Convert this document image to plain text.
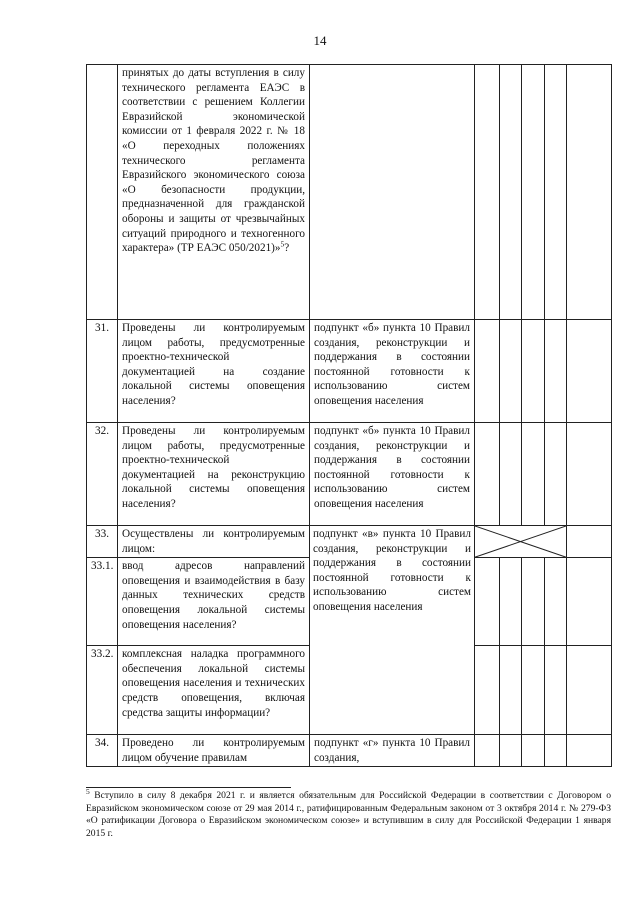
14
	принятых до даты вступления в силу технического регламента ЕАЭС в соответствии с решением Коллегии Евразийской экономической комиссии от 1 февраля 2022 г. № 18 «О переходных положениях технического регламента Евразийского экономического союза «О безопасности продукции, предназначенной для гражданской обороны и защиты от чрезвычайных ситуаций природного и техногенного характера» (ТР ЕАЭС 050/2021)»$^5$?						
31.	Проведены ли контролируемым лицом работы, предусмотренные проектно-технической документацией на создание локальной системы оповещения населения?	подпункт «б» пункта 10 Правил создания, реконструкции и поддержания в состоянии постоянной готовности к использованию систем оповещения населения					
32.	Проведены ли контролируемым лицом работы, предусмотренные проектно-технической документацией на реконструкцию локальной системы оповещения населения?	подпункт «б» пункта 10 Правил создания, реконструкции и поддержания в состоянии постоянной готовности к использованию систем оповещения населения					
33.	Осуществлены ли контролируемым лицом:	подпункт «в» пункта 10 Правил создания, реконструкции и поддержания в состоянии постоянной готовности к использованию систем оповещения населения

33.1.	ввод адресов направлений оповещения и взаимодействия в базу данных технических средств оповещения локальной системы оповещения населения?						
33.2.	комплексная наладка программного обеспечения локальной системы оповещения населения и технических средств оповещения, включая средства защиты информации?						
34.	Проведено ли контролируемым лицом обучение правилам	подпункт «г» пункта 10 Правил создания,					
$^5$ Вступило в силу 8 декабря 2021 г. и является обязательным для Российской Федерации в соответствии с Договором о Евразийском экономическом союзе от 29 мая 2014 г., ратифицированным Федеральным законом от 3 октября 2014 г. № 279-ФЗ «О ратификации Договора о Евразийском экономическом союзе» и вступившим в силу для Российской Федерации 1 января 2015 г.
